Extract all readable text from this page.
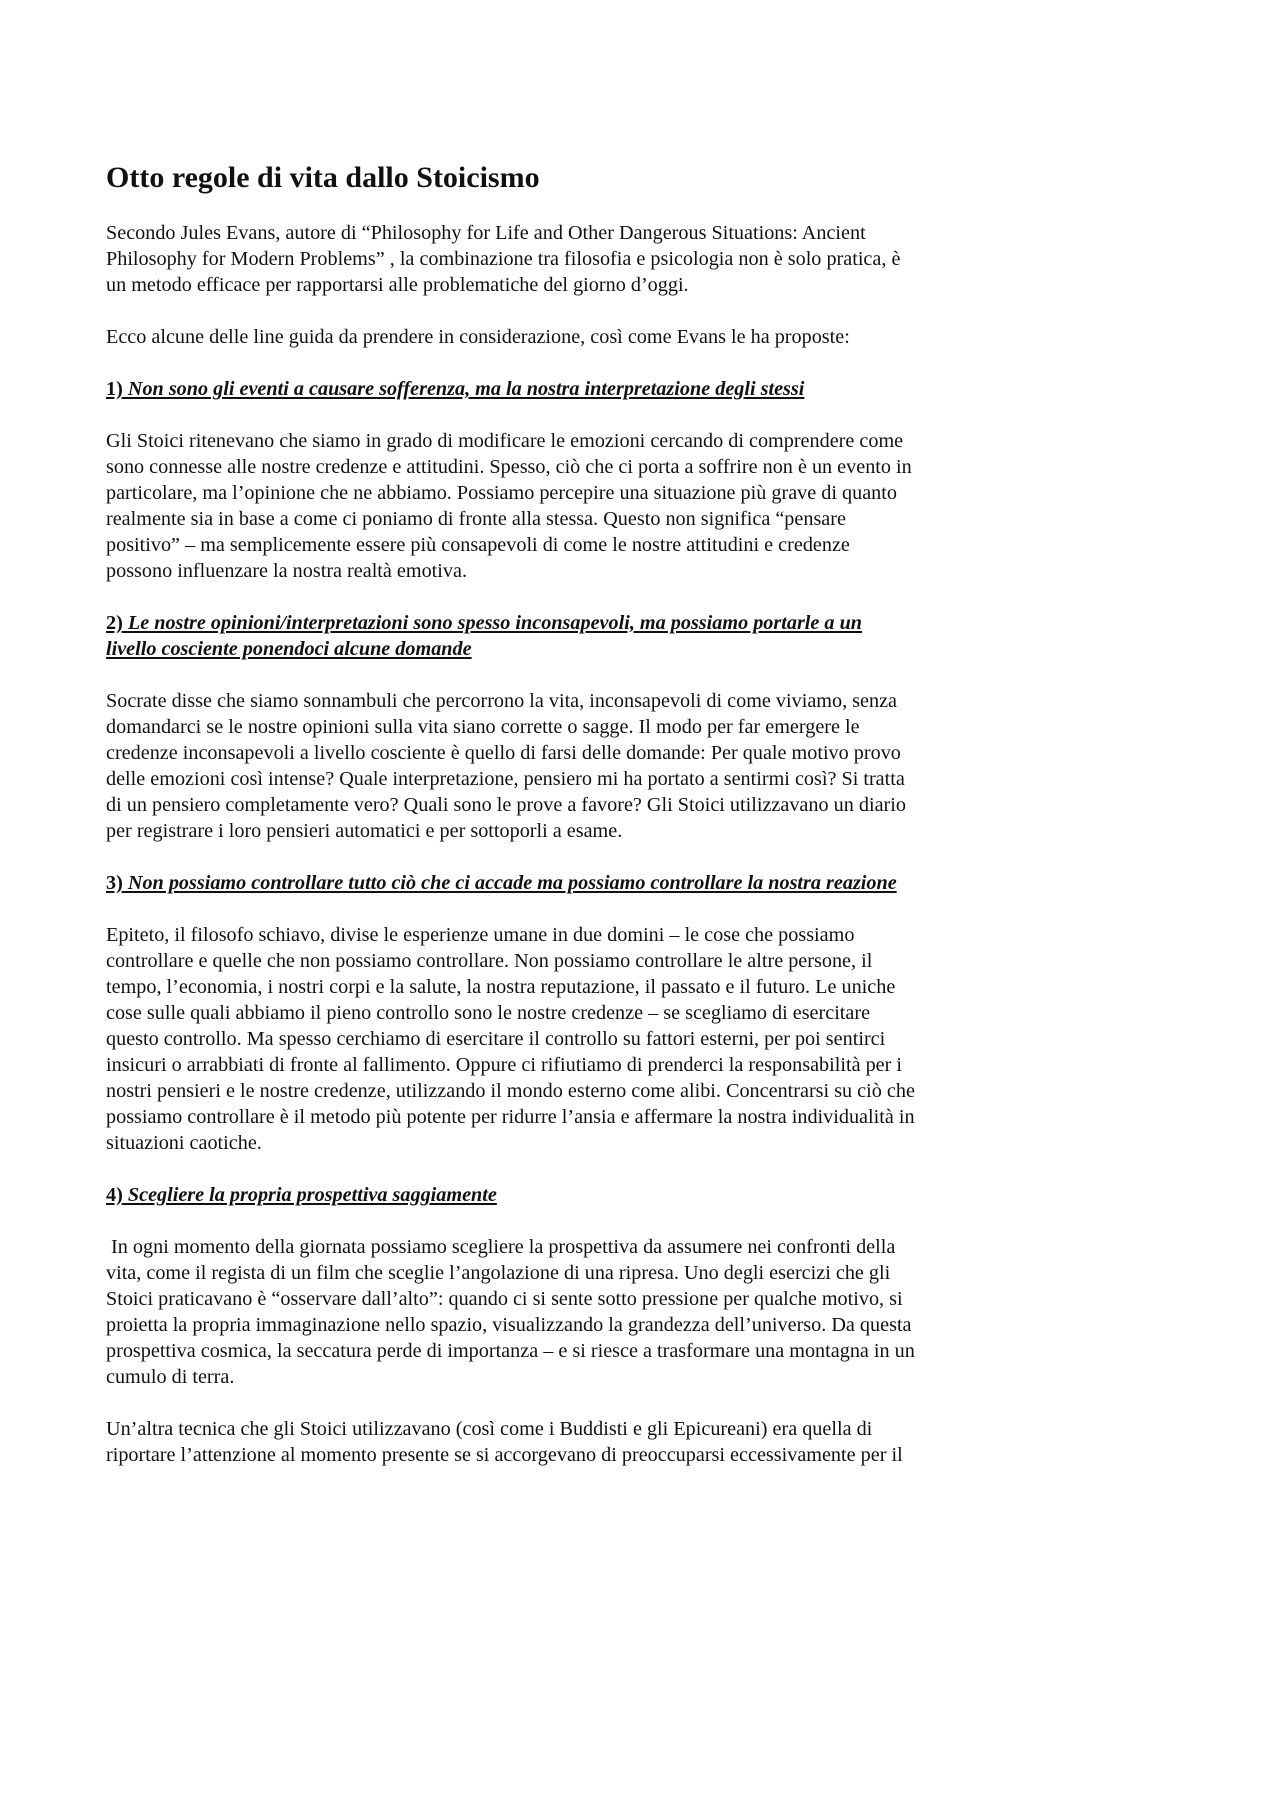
Otto regole di vita dallo Stoicismo

Secondo Jules Evans, autore di “Philosophy for Life and Other Dangerous Situations: Ancient

Philosophy for Modern Problems” , la combinazione tra filosofia e psicologia non è solo pratica, è

un metodo efficace per rapportarsi alle problematiche del giorno d’oggi.

Ecco alcune delle line guida da prendere in considerazione, così come Evans le ha proposte:

1) Non sono gli eventi a causare sofferenza, ma la nostra interpretazione degli stessi

Gli Stoici ritenevano che siamo in grado di modificare le emozioni cercando di comprendere come

sono connesse alle nostre credenze e attitudini. Spesso, ciò che ci porta a soffrire non è un evento in

particolare, ma l’opinione che ne abbiamo. Possiamo percepire una situazione più grave di quanto

realmente sia in base a come ci poniamo di fronte alla stessa. Questo non significa “pensare

positivo” – ma semplicemente essere più consapevoli di come le nostre attitudini e credenze

possono influenzare la nostra realtà emotiva.

2) Le nostre opinioni/interpretazioni sono spesso inconsapevoli, ma possiamo portarle a un

livello cosciente ponendoci alcune domande

Socrate disse che siamo sonnambuli che percorrono la vita, inconsapevoli di come viviamo, senza

domandarci se le nostre opinioni sulla vita siano corrette o sagge. Il modo per far emergere le

credenze inconsapevoli a livello cosciente è quello di farsi delle domande: Per quale motivo provo

delle emozioni così intense? Quale interpretazione, pensiero mi ha portato a sentirmi così? Si tratta

di un pensiero completamente vero? Quali sono le prove a favore? Gli Stoici utilizzavano un diario

per registrare i loro pensieri automatici e per sottoporli a esame.

3) Non possiamo controllare tutto ciò che ci accade ma possiamo controllare la nostra reazione

Epiteto, il filosofo schiavo, divise le esperienze umane in due domini – le cose che possiamo

controllare e quelle che non possiamo controllare. Non possiamo controllare le altre persone, il

tempo, l’economia, i nostri corpi e la salute, la nostra reputazione, il passato e il futuro. Le uniche

cose sulle quali abbiamo il pieno controllo sono le nostre credenze – se scegliamo di esercitare

questo controllo. Ma spesso cerchiamo di esercitare il controllo su fattori esterni, per poi sentirci

insicuri o arrabbiati di fronte al fallimento. Oppure ci rifiutiamo di prenderci la responsabilità per i

nostri pensieri e le nostre credenze, utilizzando il mondo esterno come alibi. Concentrarsi su ciò che

possiamo controllare è il metodo più potente per ridurre l’ansia e affermare la nostra individualità in

situazioni caotiche.

4) Scegliere la propria prospettiva saggiamente

In ogni momento della giornata possiamo scegliere la prospettiva da assumere nei confronti della

vita, come il regista di un film che sceglie l’angolazione di una ripresa. Uno degli esercizi che gli

Stoici praticavano è “osservare dall’alto”: quando ci si sente sotto pressione per qualche motivo, si

proietta la propria immaginazione nello spazio, visualizzando la grandezza dell’universo. Da questa

prospettiva cosmica, la seccatura perde di importanza – e si riesce a trasformare una montagna in un

cumulo di terra.

Un’altra tecnica che gli Stoici utilizzavano (così come i Buddisti e gli Epicureani) era quella di

riportare l’attenzione al momento presente se si accorgevano di preoccuparsi eccessivamente per il
